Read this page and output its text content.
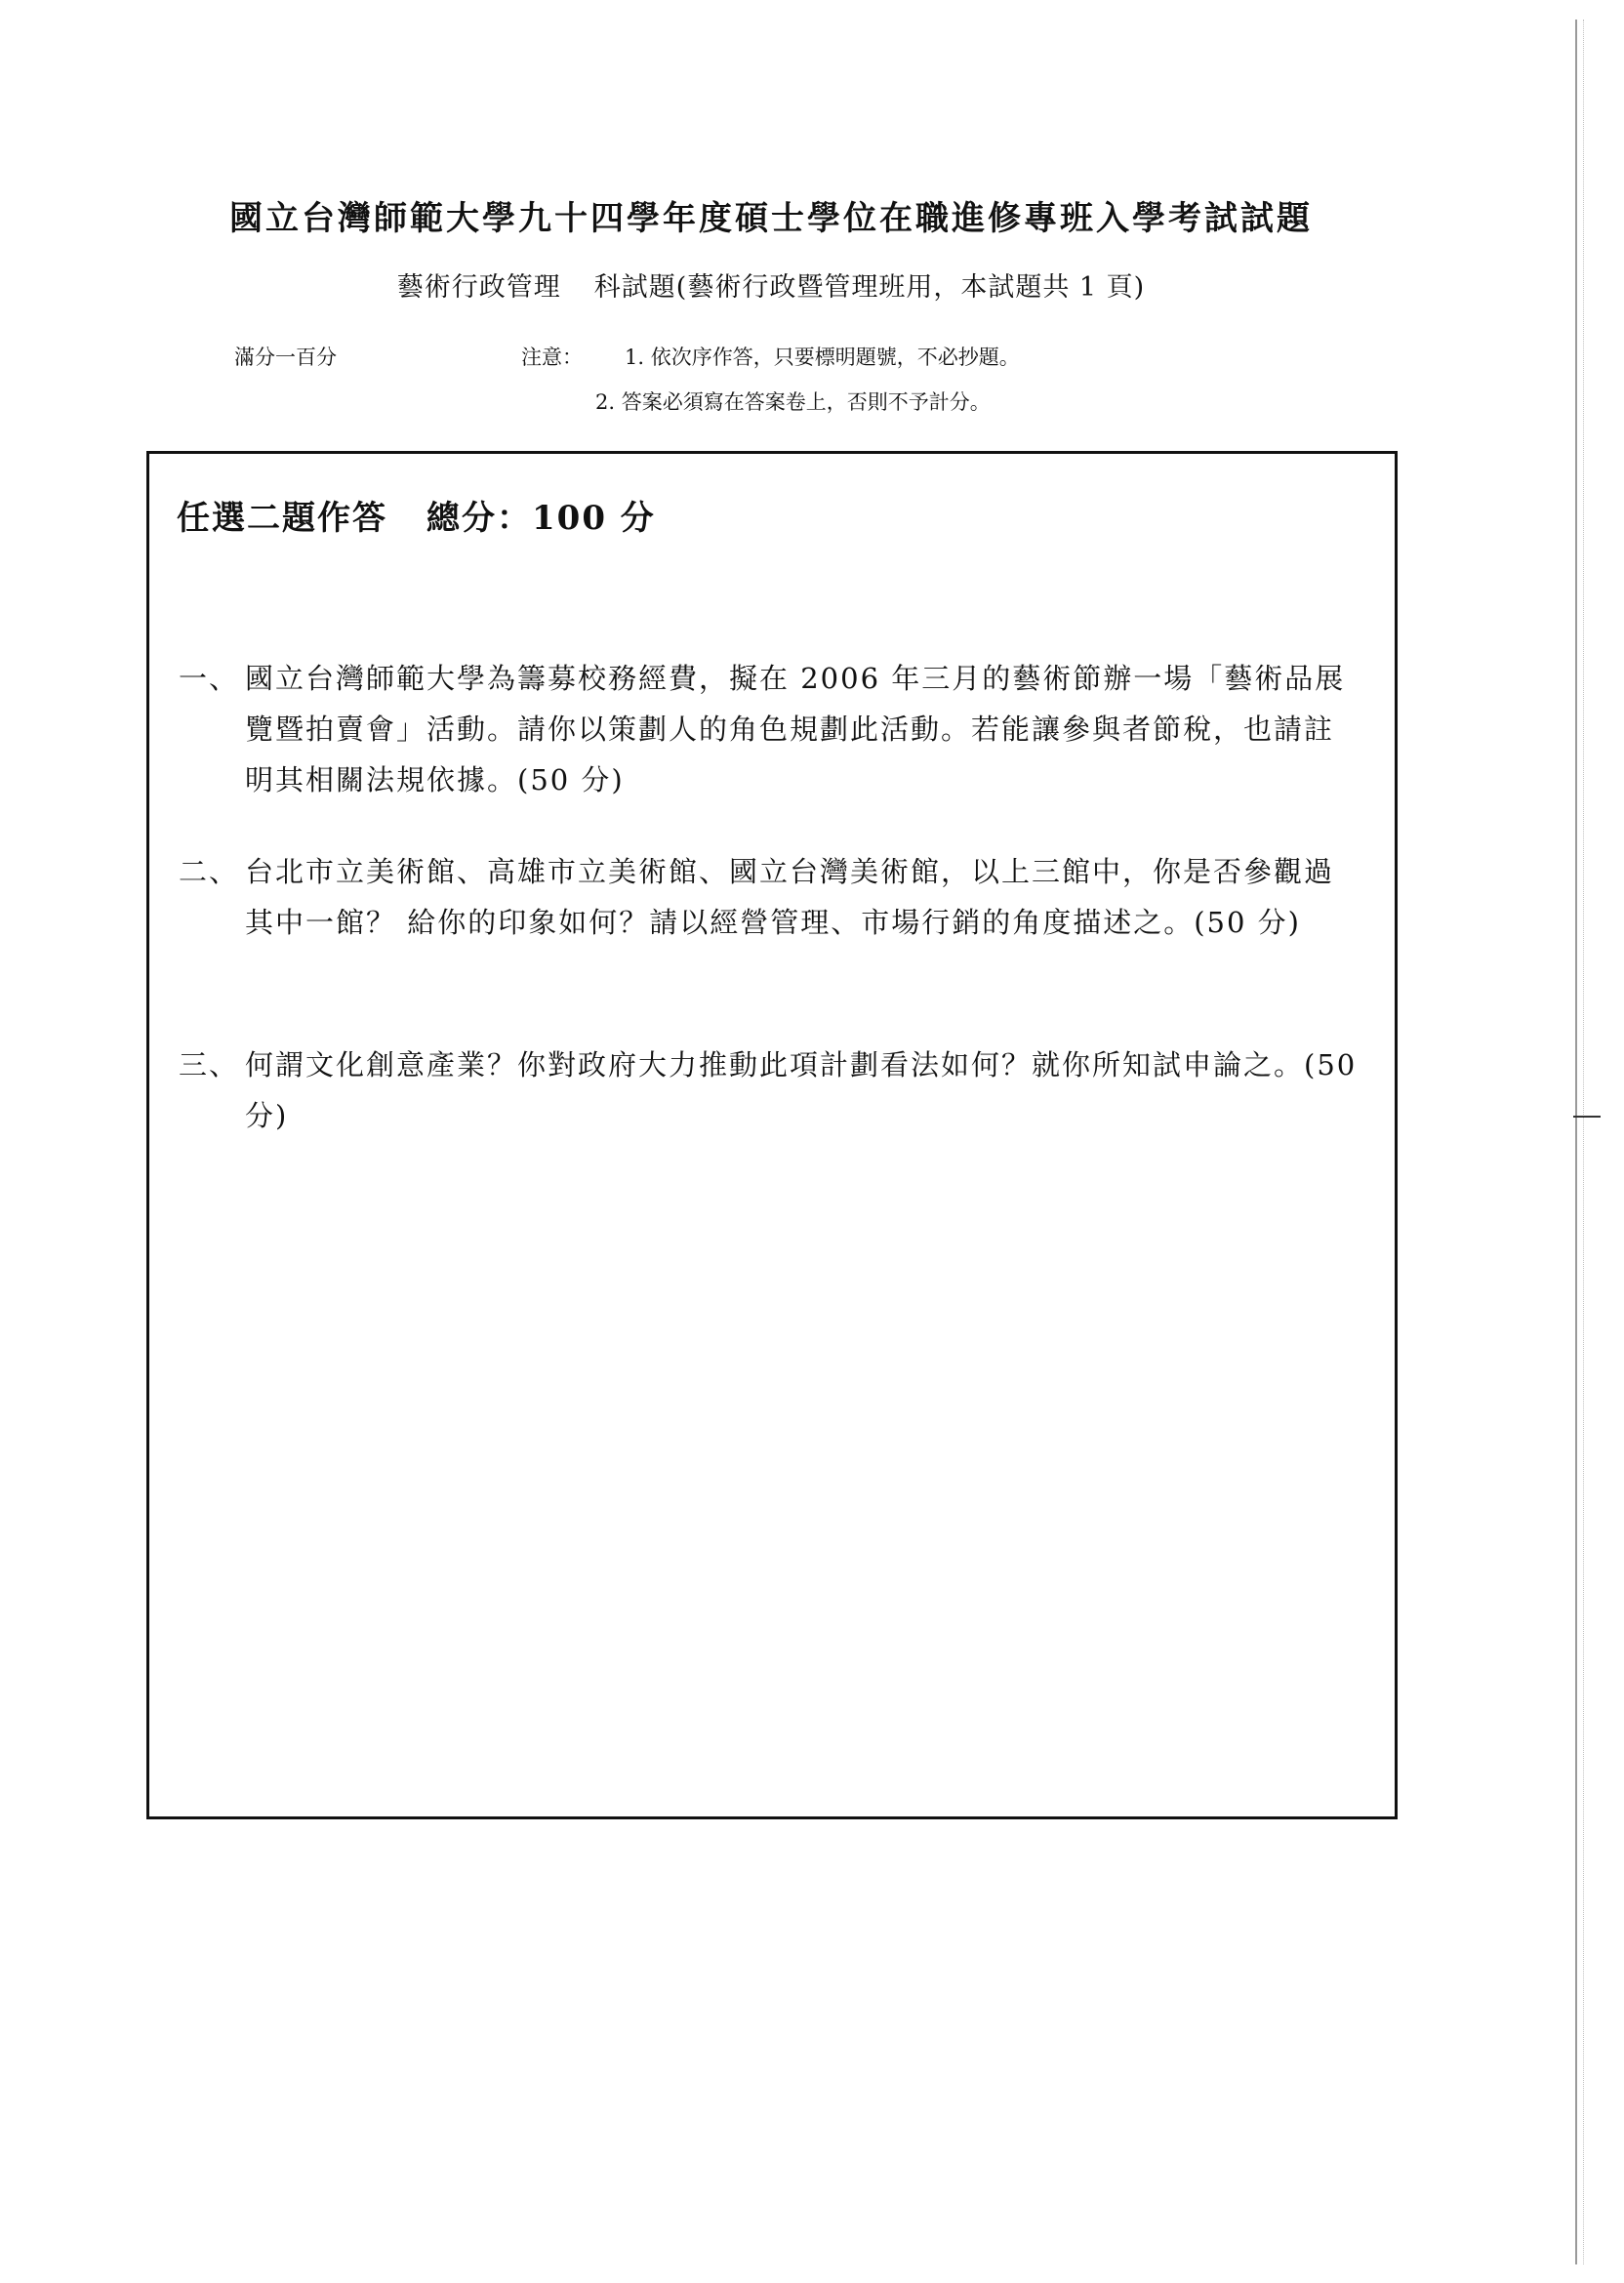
國立台灣師範大學九十四學年度碩士學位在職進修專班入學考試試題
藝術行政管理 科試題(藝術行政暨管理班用，本試題共 1 頁)
滿分一百分	注意： 1. 依次序作答，只要標明題號，不必抄題。
2. 答案必須寫在答案卷上，否則不予計分。
任選二題作答 總分：100 分
一、 國立台灣師範大學為籌募校務經費，擬在 2006 年三月的藝術節辦一場「藝術品展覽暨拍賣會」活動。請你以策劃人的角色規劃此活動。若能讓參與者節稅，也請註明其相關法規依據。(50 分)
二、 台北市立美術館、高雄市立美術館、國立台灣美術館，以上三館中，你是否參觀過其中一館？ 給你的印象如何？請以經營管理、市場行銷的角度描述之。(50 分)
三、 何謂文化創意產業？你對政府大力推動此項計劃看法如何？就你所知試申論之。(50 分)
